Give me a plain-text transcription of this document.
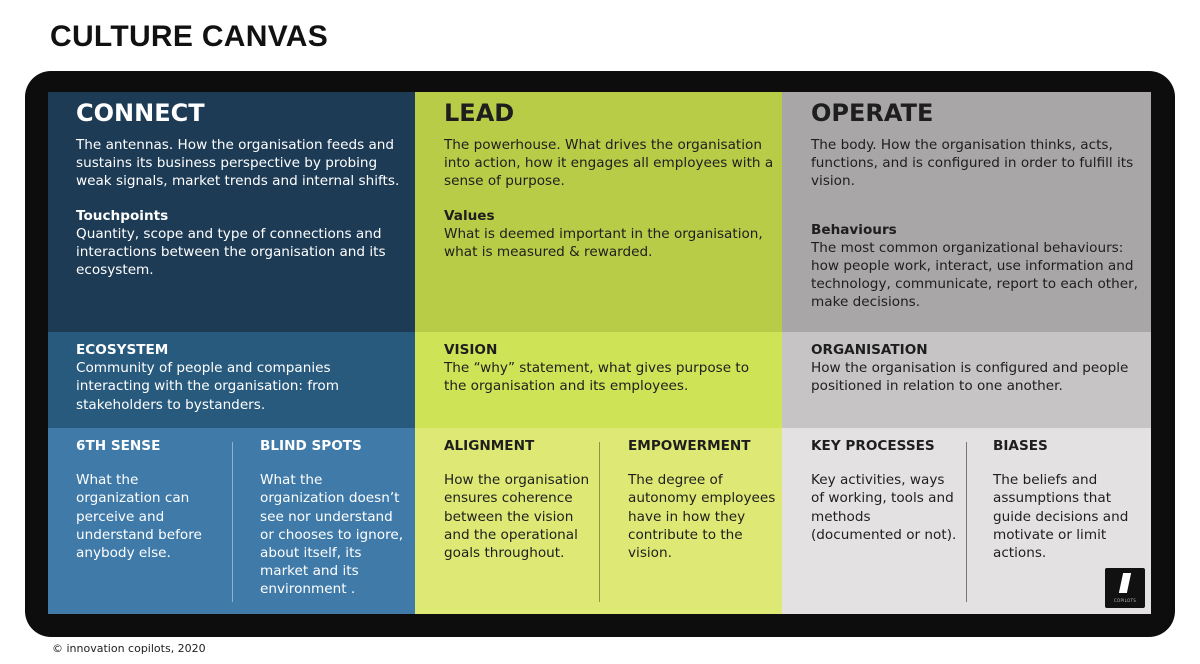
CULTURE CANVAS
CONNECT

The antennas. How the organisation feeds and sustains its business perspective by probing weak signals, market trends and internal shifts.

Touchpoints

Quantity, scope and type of connections and interactions between the organisation and its ecosystem.

ECOSYSTEM

Community of people and companies interacting with the organisation: from stakeholders to bystanders.

6TH SENSE

What the organization can perceive and understand before anybody else.

BLIND SPOTS

What the organization doesn’t see nor understand or chooses to ignore, about itself, its market and its environment .

LEAD

The powerhouse. What drives the organisation into action, how it engages all employees with a sense of purpose.

Values

What is deemed important in the organisation, what is measured & rewarded.

VISION

The “why” statement, what gives purpose to the organisation and its employees.

ALIGNMENT

How the organisation ensures coherence between the vision and the operational goals throughout.

EMPOWERMENT

The degree of autonomy employees have in how they contribute to the vision.

OPERATE

The body. How the organisation thinks, acts, functions, and is configured in order to fulfill its vision.

Behaviours

The most common organizational behaviours: how people work, interact, use information and technology, communicate, report to each other, make decisions.

ORGANISATION

How the organisation is configured and people positioned in relation to one another.

KEY PROCESSES

Key activities, ways of working, tools and methods (documented or not).

BIASES

The beliefs and assumptions that guide decisions and motivate or limit actions.

COPILOTS
© innovation copilots, 2020
